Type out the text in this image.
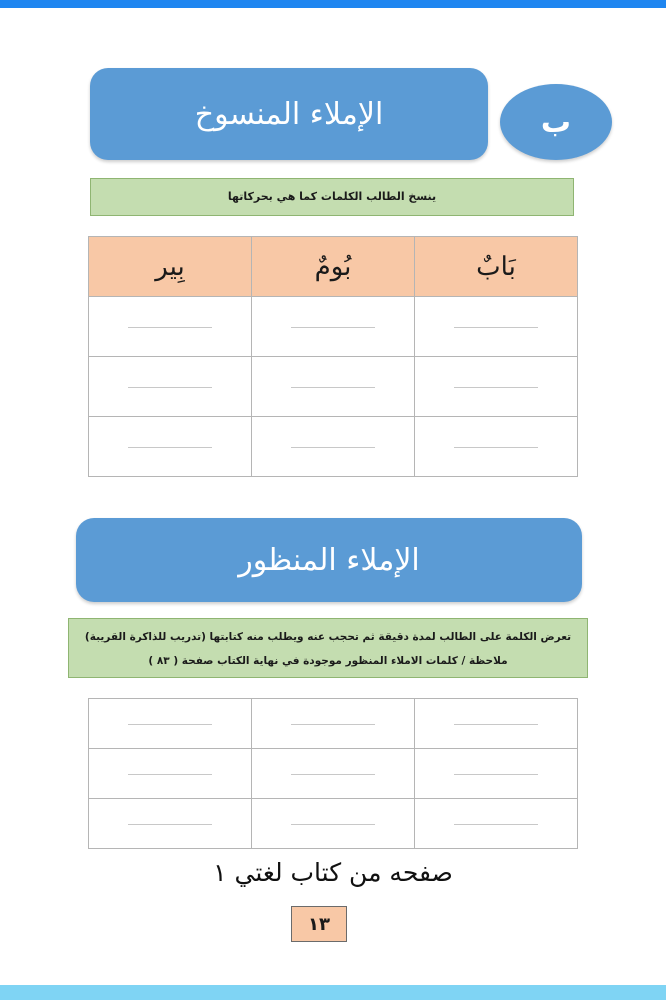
الإملاء المنسوخ	ب
ينسخ الطالب الكلمات كما هي بحركاتها
بَابٌ	بُومٌ	بِير

الإملاء المنظور
تعرض الكلمة على الطالب لمدة دقيقة ثم تحجب عنه ويطلب منه كتابتها (تدريب للذاكرة القريبة)
ملاحظة / كلمات الاملاء المنظور موجودة في نهاية الكتاب صفحة ( ٨٣ )

صفحه من كتاب لغتي ١
١٣
